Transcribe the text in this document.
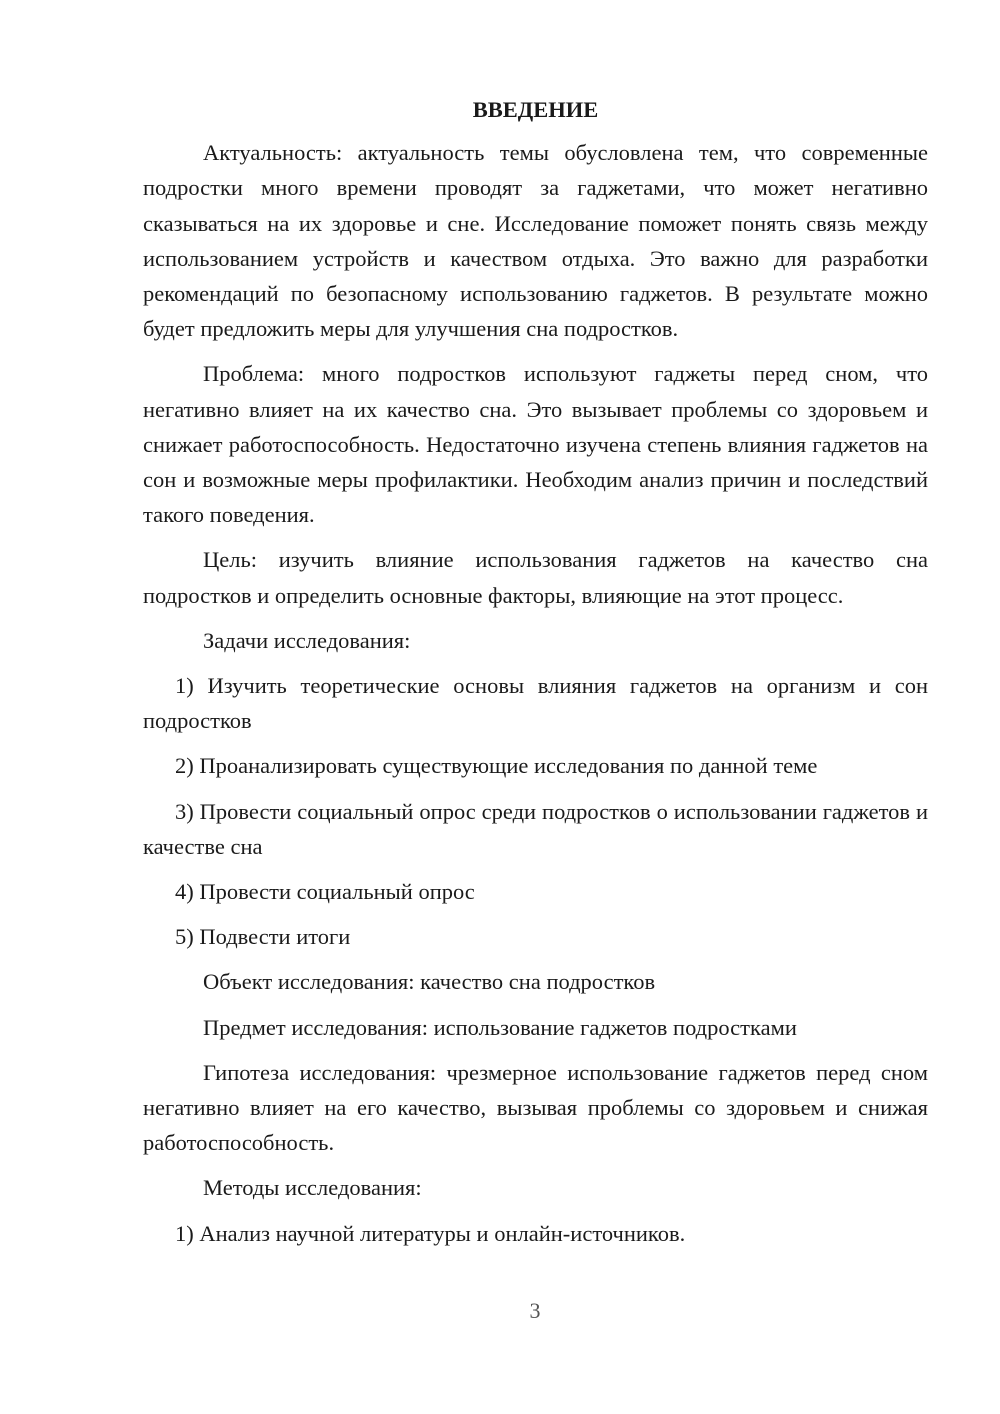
ВВЕДЕНИЕ

Актуальность: актуальность темы обусловлена тем, что современные подростки много времени проводят за гаджетами, что может негативно сказываться на их здоровье и сне. Исследование поможет понять связь между использованием устройств и качеством отдыха. Это важно для разработки рекомендаций по безопасному использованию гаджетов. В результате можно будет предложить меры для улучшения сна подростков.

Проблема: много подростков используют гаджеты перед сном, что негативно влияет на их качество сна. Это вызывает проблемы со здоровьем и снижает работоспособность. Недостаточно изучена степень влияния гаджетов на сон и возможные меры профилактики. Необходим анализ причин и последствий такого поведения.

Цель: изучить влияние использования гаджетов на качество сна подростков и определить основные факторы, влияющие на этот процесс.

Задачи исследования:

1) Изучить теоретические основы влияния гаджетов на организм и сон подростков

2) Проанализировать существующие исследования по данной теме

3) Провести социальный опрос среди подростков о использовании гаджетов и качестве сна

4) Провести социальный опрос

5) Подвести итоги

Объект исследования: качество сна подростков

Предмет исследования: использование гаджетов подростками

Гипотеза исследования: чрезмерное использование гаджетов перед сном негативно влияет на его качество, вызывая проблемы со здоровьем и снижая работоспособность.

Методы исследования:

1) Анализ научной литературы и онлайн-источников.

3
